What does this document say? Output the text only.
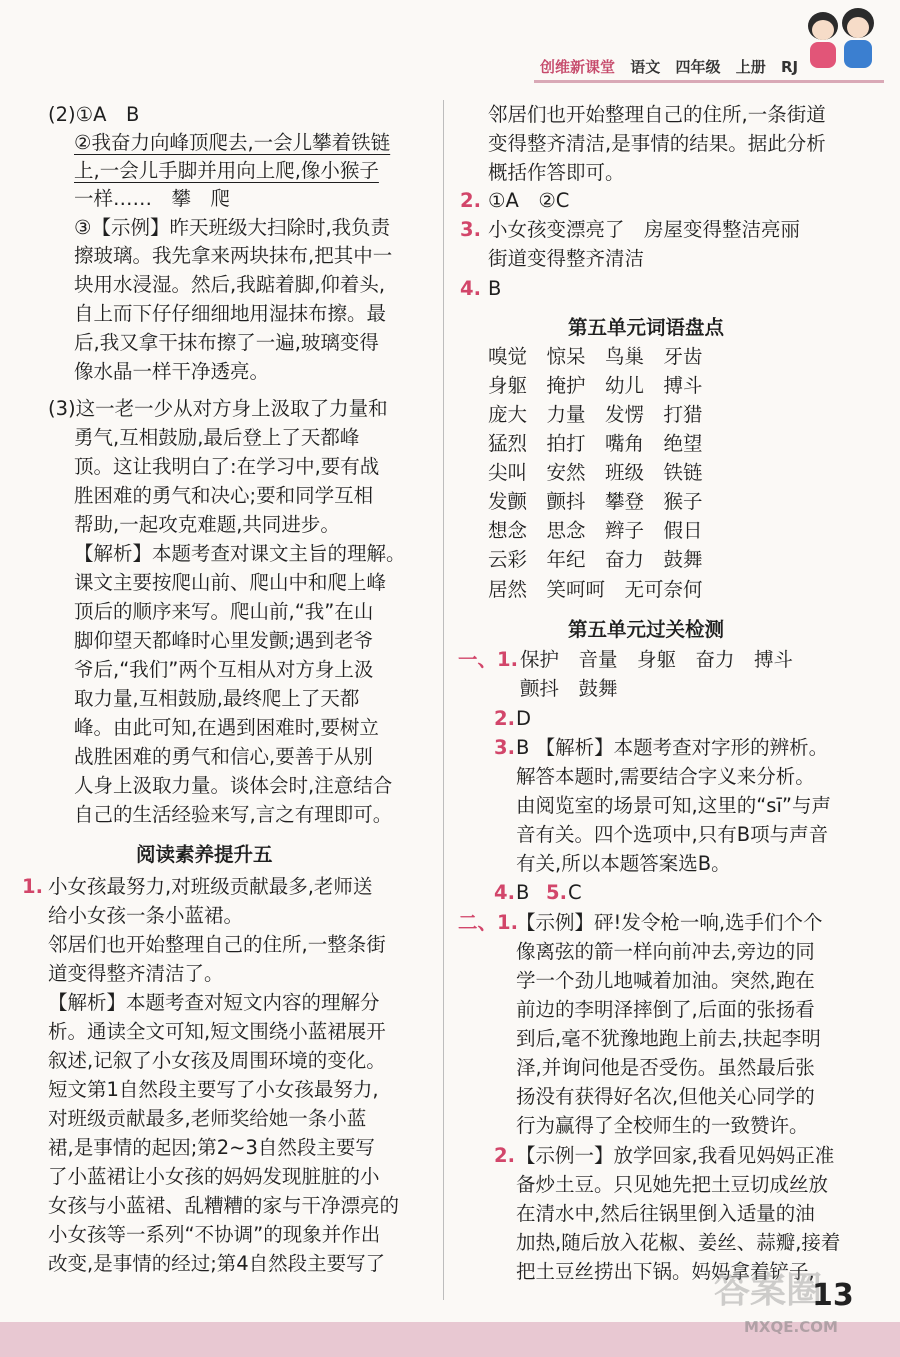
创维新课堂 语文 四年级 上册 RJ
(2)①A　B
②我奋力向峰顶爬去,一会儿攀着铁链
上,一会儿手脚并用向上爬,像小猴子
一样……　攀　爬
③【示例】昨天班级大扫除时,我负责
擦玻璃。我先拿来两块抹布,把其中一
块用水浸湿。然后,我踮着脚,仰着头,
自上而下仔仔细细地用湿抹布擦。最
后,我又拿干抹布擦了一遍,玻璃变得
像水晶一样干净透亮。
(3)这一老一少从对方身上汲取了力量和
勇气,互相鼓励,最后登上了天都峰
顶。这让我明白了:在学习中,要有战
胜困难的勇气和决心;要和同学互相
帮助,一起攻克难题,共同进步。
【解析】本题考查对课文主旨的理解。
课文主要按爬山前、爬山中和爬上峰
顶后的顺序来写。爬山前,“我”在山
脚仰望天都峰时心里发颤;遇到老爷
爷后,“我们”两个互相从对方身上汲
取力量,互相鼓励,最终爬上了天都
峰。由此可知,在遇到困难时,要树立
战胜困难的勇气和信心,要善于从别
人身上汲取力量。谈体会时,注意结合
自己的生活经验来写,言之有理即可。
阅读素养提升五
1. 小女孩最努力,对班级贡献最多,老师送
给小女孩一条小蓝裙。
邻居们也开始整理自己的住所,一整条街
道变得整齐清洁了。
【解析】本题考查对短文内容的理解分
析。通读全文可知,短文围绕小蓝裙展开
叙述,记叙了小女孩及周围环境的变化。
短文第1自然段主要写了小女孩最努力,
对班级贡献最多,老师奖给她一条小蓝
裙,是事情的起因;第2~3自然段主要写
了小蓝裙让小女孩的妈妈发现脏脏的小
女孩与小蓝裙、乱糟糟的家与干净漂亮的
小女孩等一系列“不协调”的现象并作出
改变,是事情的经过;第4自然段主要写了
邻居们也开始整理自己的住所,一条街道
变得整齐清洁,是事情的结果。据此分析
概括作答即可。
2. ①A　②C
3. 小女孩变漂亮了　房屋变得整洁亮丽
街道变得整齐清洁
4. B
第五单元词语盘点
嗅觉　惊呆　鸟巢　牙齿
身躯　掩护　幼儿　搏斗
庞大　力量　发愣　打猎
猛烈　拍打　嘴角　绝望
尖叫　安然　班级　铁链
发颤　颤抖　攀登　猴子
想念　思念　辫子　假日
云彩　年纪　奋力　鼓舞
居然　笑呵呵　无可奈何
第五单元过关检测
一、1. 保护　音量　身躯　奋力　搏斗
颤抖　鼓舞
2. D
3. B 【解析】本题考查对字形的辨析。
解答本题时,需要结合字义来分析。
由阅览室的场景可知,这里的“sī”与声
音有关。四个选项中,只有B项与声音
有关,所以本题答案选B。
4. B 5. C
二、1.
【示例】砰!发令枪一响,选手们个个
像离弦的箭一样向前冲去,旁边的同
学一个劲儿地喊着加油。突然,跑在
前边的李明泽摔倒了,后面的张扬看
到后,毫不犹豫地跑上前去,扶起李明
泽,并询问他是否受伤。虽然最后张
扬没有获得好名次,但他关心同学的
行为赢得了全校师生的一致赞许。
2. 【示例一】放学回家,我看见妈妈正准
备炒土豆。只见她先把土豆切成丝放
在清水中,然后往锅里倒入适量的油
加热,随后放入花椒、姜丝、蒜瓣,接着
把土豆丝捞出下锅。妈妈拿着铲子,
答案圈
13
MXQE.COM
